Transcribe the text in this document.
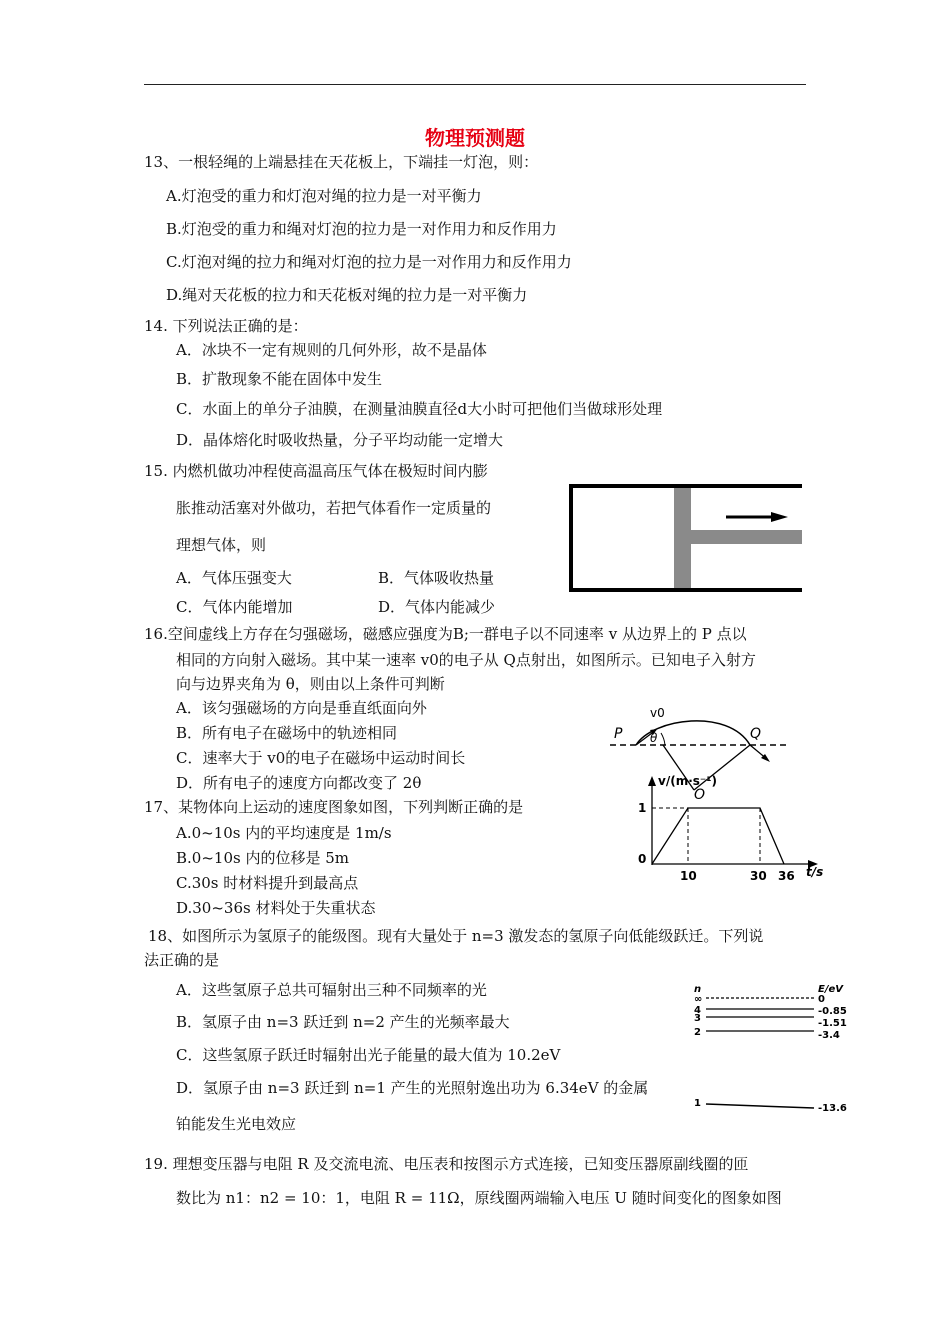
物理预测题
13、一根轻绳的上端悬挂在天花板上，下端挂一灯泡，则：
A.灯泡受的重力和灯泡对绳的拉力是一对平衡力
B.灯泡受的重力和绳对灯泡的拉力是一对作用力和反作用力
C.灯泡对绳的拉力和绳对灯泡的拉力是一对作用力和反作用力
D.绳对天花板的拉力和天花板对绳的拉力是一对平衡力
14. 下列说法正确的是：
A．冰块不一定有规则的几何外形，故不是晶体
B．扩散现象不能在固体中发生
C．水面上的单分子油膜，在测量油膜直径d大小时可把他们当做球形处理
D．晶体熔化时吸收热量，分子平均动能一定增大
15. 内燃机做功冲程使高温高压气体在极短时间内膨
胀推动活塞对外做功，若把气体看作一定质量的
理想气体，则
A．气体压强变大	B．气体吸收热量
C．气体内能增加	D．气体内能减少
16.空间虚线上方存在匀强磁场，磁感应强度为B;一群电子以不同速率 v 从边界上的 P 点以
相同的方向射入磁场。其中某一速率 v0的电子从 Q点射出，如图所示。已知电子入射方
向与边界夹角为 θ，则由以上条件可判断
A．该匀强磁场的方向是垂直纸面向外
B．所有电子在磁场中的轨迹相同
C．速率大于 v0的电子在磁场中运动时间长
D．所有电子的速度方向都改变了 2θ
v0
P	Q
θ
O
17、某物体向上运动的速度图象如图，下列判断正确的是
A.0~10s 内的平均速度是 1m/s
B.0~10s 内的位移是 5m
C.30s 时材料提升到最高点
D.30~36s 材料处于失重状态
v/(m·s⁻¹)
t/s
1
0
10	30 36
18、如图所示为氢原子的能级图。现有大量处于 n=3 激发态的氢原子向低能级跃迁。下列说
法正确的是
A．这些氢原子总共可辐射出三种不同频率的光
B．氢原子由 n=3 跃迁到 n=2 产生的光频率最大
C．这些氢原子跃迁时辐射出光子能量的最大值为 10.2eV
D．氢原子由 n=3 跃迁到 n=1 产生的光照射逸出功为 6.34eV 的金属
铂能发生光电效应
n	E/eV
∞	0
4	-0.85
3	-1.51
2	-3.4
1	-13.6
19. 理想变压器与电阻 R 及交流电流、电压表和按图示方式连接，已知变压器原副线圈的匝
数比为 n1：n2 = 10：1，电阻 R = 11Ω，原线圈两端输入电压 U 随时间变化的图象如图
